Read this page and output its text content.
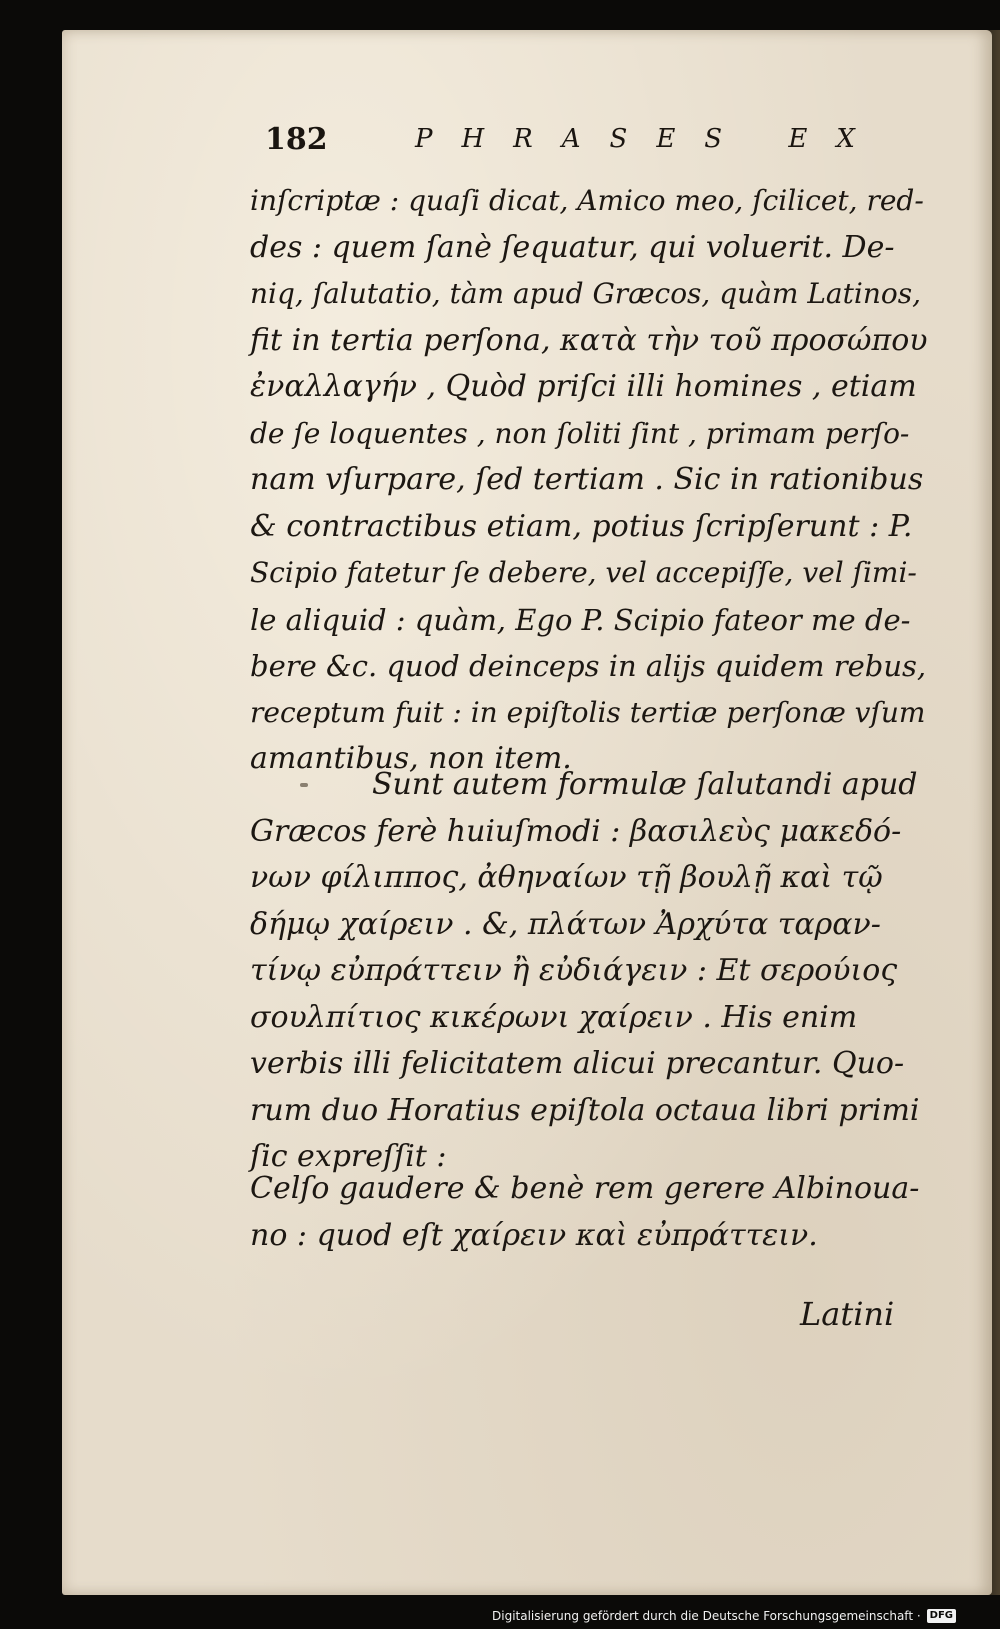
182	PHRASES EX
inſcriptæ : quaſi dicat, Amico meo, ſcilicet, red-
des : quem ſanè ſequatur, qui voluerit. De-
niq, ſalutatio, tàm apud Græcos, quàm Latinos,
fit in tertia perſona, κατὰ τὴν τοῦ προσώπου
ἐναλλαγήν , Quòd priſci illi homines , etiam
de ſe loquentes , non ſoliti ſint , primam perſo-
nam vſurpare, ſed tertiam . Sic in rationibus
& contractibus etiam, potius ſcripſerunt : P.
Scipio fatetur ſe debere, vel accepiſſe, vel ſimi-
le aliquid : quàm, Ego P. Scipio fateor me de-
bere &c. quod deinceps in alijs quidem rebus,
receptum fuit : in epiſtolis tertiæ perſonæ vſum
amantibus, non item.
Sunt autem formulæ ſalutandi apud
Græcos ferè huiuſmodi : βασιλεὺς μακεδό-
νων φίλιππος, ἀθηναίων τῇ βουλῇ καὶ τῷ
δήμῳ χαίρειν . &, πλάτων Ἀρχύτα ταραν-
τίνῳ εὐπράττειν ἢ εὐδιάγειν : Et σερούιος
σουλπίτιος κικέρωνι χαίρειν . His enim
verbis illi felicitatem alicui precantur. Quo-
rum duo Horatius epiſtola octaua libri primi
ſic expreſſit :
Celſo gaudere & benè rem gerere Albinoua-
no : quod eſt χαίρειν καὶ εὐπράττειν.
Latini
Digitalisierung gefördert durch die Deutsche Forschungsgemeinschaft · DFG
